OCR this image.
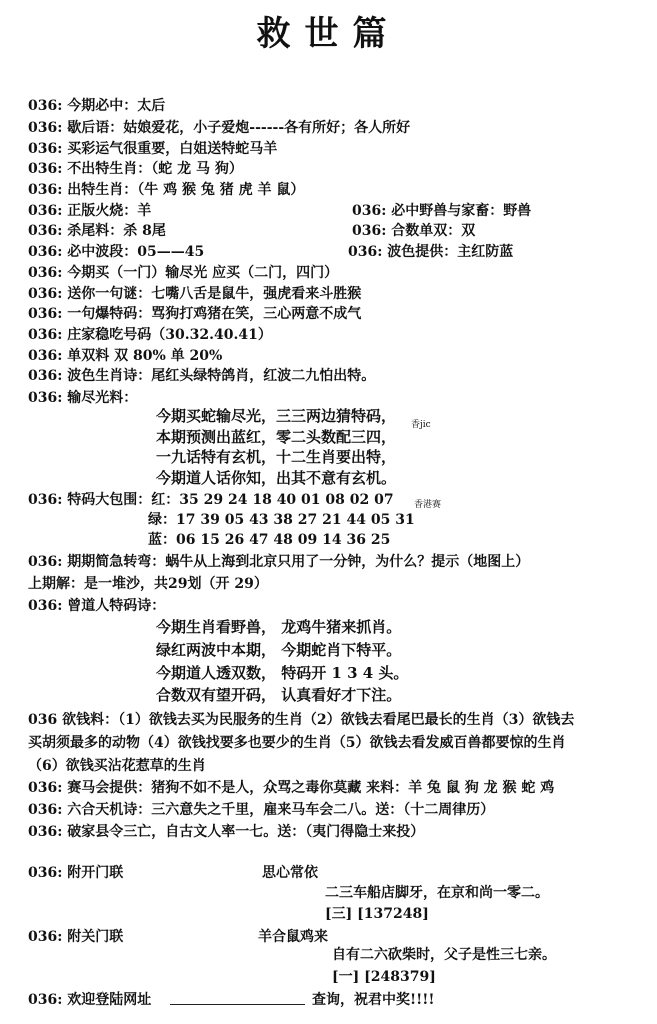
救世篇
036: 今期必中：太后
036: 歇后语：姑娘爱花，小子爱炮------各有所好；各人所好
036: 买彩运气很重要，白姐送特蛇马羊
036: 不出特生肖：（蛇 龙 马 狗）
036: 出特生肖：（牛 鸡 猴 兔 猪 虎 羊 鼠）
036: 正版火烧：羊	036: 必中野兽与家畜：野兽
036: 杀尾料：杀 8尾	036: 合数单双：双
036: 必中波段：05——45	036: 波色提供：主红防蓝
036: 今期买（一门）输尽光 应买（二门，四门）
036: 送你一句谜：七嘴八舌是鼠牛，强虎看来斗胜猴
036: 一句爆特码：骂狗打鸡猪在笑，三心两意不成气
036: 庄家稳吃号码（30.32.40.41）
036: 单双料 双 80% 单 20%
036: 波色生肖诗：尾红头绿特鸽肖，红波二九怕出特。
036: 输尽光料：
今期买蛇输尽光，三三两边猜特码， 香jic
本期预测出蓝红，零二头数配三四，
一九话特有玄机，十二生肖要出特，
今期道人话你知，出其不意有玄机。
036: 特码大包围：红：35 29 24 18 40 01 08 02 07 香港赛
绿：17 39 05 43 38 27 21 44 05 31
蓝：06 15 26 47 48 09 14 36 25
036: 期期简急转弯：蜗牛从上海到北京只用了一分钟，为什么？提示（地图上）
上期解：是一堆沙，共29划（开 29）
036: 曾道人特码诗：
今期生肖看野兽， 龙鸡牛猪来抓肖。
绿红两波中本期， 今期蛇肖下特平。
今期道人透双数， 特码开 1 3 4 头。
合数双有望开码， 认真看好才下注。
036 欲钱料：（1）欲钱去买为民服务的生肖（2）欲钱去看尾巴最长的生肖（3）欲钱去
买胡须最多的动物（4）欲钱找要多也要少的生肖（5）欲钱去看发威百兽都要惊的生肖
（6）欲钱买沾花惹草的生肖
036: 赛马会提供：猪狗不如不是人，众骂之毒你莫藏 来料：羊 兔 鼠 狗 龙 猴 蛇 鸡
036: 六合天机诗：三六意失之千里，雇来马车会二八。送：（十二周律历）
036: 破家县令三亡，自古文人率一七。送：（夷门得隐士来投）
036: 附开门联	思心常依
二三车船店脚牙，在京和尚一零二。
[三] [137248]
036: 附关门联	羊合鼠鸡来
自有二六砍柴时，父子是性三七亲。
[一] [248379]
036: 欢迎登陆网址	查询，祝君中奖!!!!
